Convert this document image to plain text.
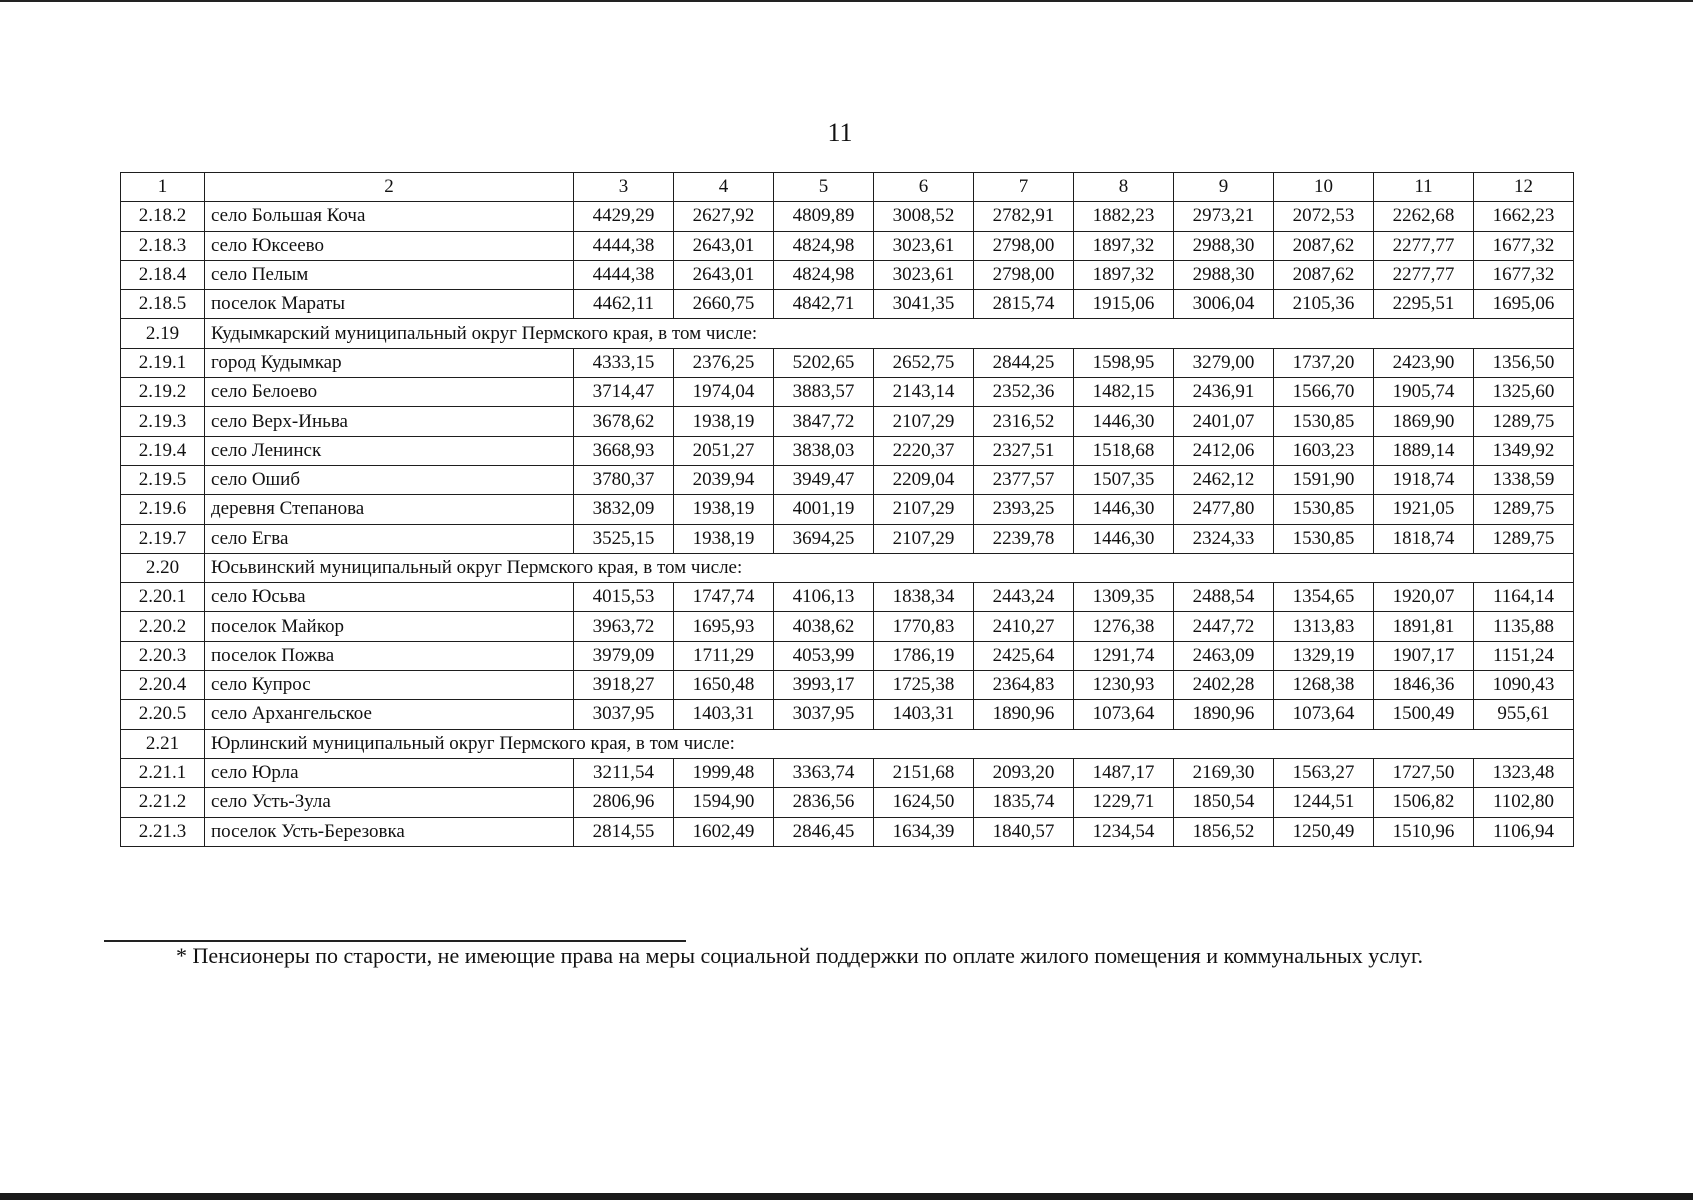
11
1	2	3	4	5	6	7	8	9	10	11	12
2.18.2	село Большая Коча	4429,29	2627,92	4809,89	3008,52	2782,91	1882,23	2973,21	2072,53	2262,68	1662,23
2.18.3	село Юксеево	4444,38	2643,01	4824,98	3023,61	2798,00	1897,32	2988,30	2087,62	2277,77	1677,32
2.18.4	село Пелым	4444,38	2643,01	4824,98	3023,61	2798,00	1897,32	2988,30	2087,62	2277,77	1677,32
2.18.5	поселок Мараты	4462,11	2660,75	4842,71	3041,35	2815,74	1915,06	3006,04	2105,36	2295,51	1695,06
2.19	Кудымкарский муниципальный округ Пермского края, в том числе:										
2.19.1	город Кудымкар	4333,15	2376,25	5202,65	2652,75	2844,25	1598,95	3279,00	1737,20	2423,90	1356,50
2.19.2	село Белоево	3714,47	1974,04	3883,57	2143,14	2352,36	1482,15	2436,91	1566,70	1905,74	1325,60
2.19.3	село Верх-Иньва	3678,62	1938,19	3847,72	2107,29	2316,52	1446,30	2401,07	1530,85	1869,90	1289,75
2.19.4	село Ленинск	3668,93	2051,27	3838,03	2220,37	2327,51	1518,68	2412,06	1603,23	1889,14	1349,92
2.19.5	село Ошиб	3780,37	2039,94	3949,47	2209,04	2377,57	1507,35	2462,12	1591,90	1918,74	1338,59
2.19.6	деревня Степанова	3832,09	1938,19	4001,19	2107,29	2393,25	1446,30	2477,80	1530,85	1921,05	1289,75
2.19.7	село Егва	3525,15	1938,19	3694,25	2107,29	2239,78	1446,30	2324,33	1530,85	1818,74	1289,75
2.20	Юсьвинский муниципальный округ Пермского края, в том числе:										
2.20.1	село Юсьва	4015,53	1747,74	4106,13	1838,34	2443,24	1309,35	2488,54	1354,65	1920,07	1164,14
2.20.2	поселок Майкор	3963,72	1695,93	4038,62	1770,83	2410,27	1276,38	2447,72	1313,83	1891,81	1135,88
2.20.3	поселок Пожва	3979,09	1711,29	4053,99	1786,19	2425,64	1291,74	2463,09	1329,19	1907,17	1151,24
2.20.4	село Купрос	3918,27	1650,48	3993,17	1725,38	2364,83	1230,93	2402,28	1268,38	1846,36	1090,43
2.20.5	село Архангельское	3037,95	1403,31	3037,95	1403,31	1890,96	1073,64	1890,96	1073,64	1500,49	955,61
2.21	Юрлинский муниципальный округ Пермского края, в том числе:										
2.21.1	село Юрла	3211,54	1999,48	3363,74	2151,68	2093,20	1487,17	2169,30	1563,27	1727,50	1323,48
2.21.2	село Усть-Зула	2806,96	1594,90	2836,56	1624,50	1835,74	1229,71	1850,54	1244,51	1506,82	1102,80
2.21.3	поселок Усть-Березовка	2814,55	1602,49	2846,45	1634,39	1840,57	1234,54	1856,52	1250,49	1510,96	1106,94
* Пенсионеры по старости, не имеющие права на меры социальной поддержки по оплате жилого помещения и коммунальных услуг.
